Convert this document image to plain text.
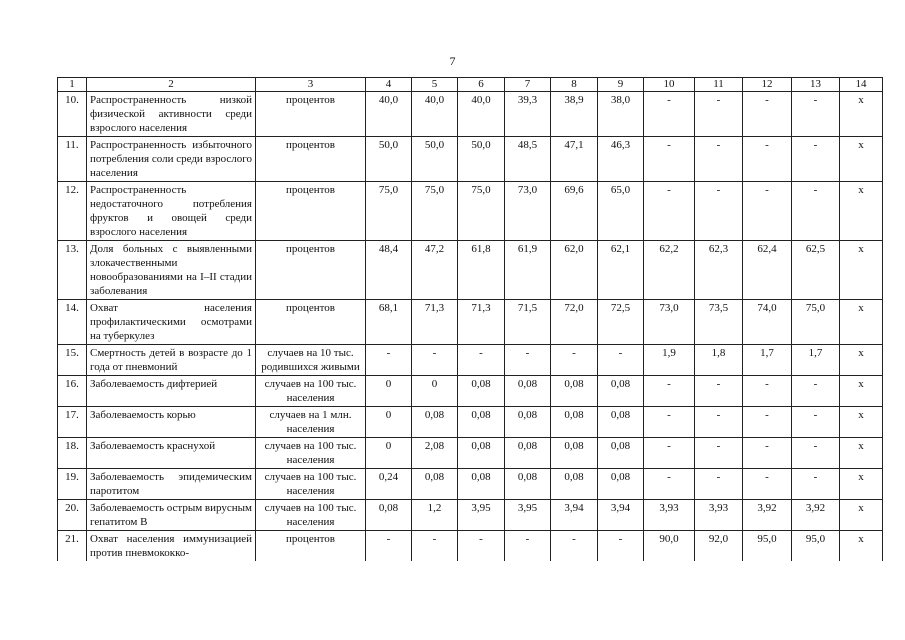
7
1	2	3	4	5	6	7	8	9	10	11	12	13	14
10.	Распространенность низкой физической активности среди взрослого населения	процентов	40,0	40,0	40,0	39,3	38,9	38,0	-	-	-	-	x
11.	Распространенность избыточного потребления соли среди взрослого населения	процентов	50,0	50,0	50,0	48,5	47,1	46,3	-	-	-	-	x
12.	Распространенность недостаточного потребления фруктов и овощей среди взрослого населения	процентов	75,0	75,0	75,0	73,0	69,6	65,0	-	-	-	-	x
13.	Доля больных с выявленными злокачественными новообразованиями на I–II стадии заболевания	процентов	48,4	47,2	61,8	61,9	62,0	62,1	62,2	62,3	62,4	62,5	x
14.	Охват населения профилактическими осмотрами на туберкулез	процентов	68,1	71,3	71,3	71,5	72,0	72,5	73,0	73,5	74,0	75,0	x
15.	Смертность детей в возрасте до 1 года от пневмоний	случаев на 10 тыс. родившихся живыми	-	-	-	-	-	-	1,9	1,8	1,7	1,7	x
16.	Заболеваемость дифтерией	случаев на 100 тыс. населения	0	0	0,08	0,08	0,08	0,08	-	-	-	-	x
17.	Заболеваемость корью	случаев на 1 млн. населения	0	0,08	0,08	0,08	0,08	0,08	-	-	-	-	x
18.	Заболеваемость краснухой	случаев на 100 тыс. населения	0	2,08	0,08	0,08	0,08	0,08	-	-	-	-	x
19.	Заболеваемость эпидемическим паротитом	случаев на 100 тыс. населения	0,24	0,08	0,08	0,08	0,08	0,08	-	-	-	-	x
20.	Заболеваемость острым вирусным гепатитом В	случаев на 100 тыс. населения	0,08	1,2	3,95	3,95	3,94	3,94	3,93	3,93	3,92	3,92	x
21.	Охват населения иммунизацией против пневмококко-	процентов	-	-	-	-	-	-	90,0	92,0	95,0	95,0	x
